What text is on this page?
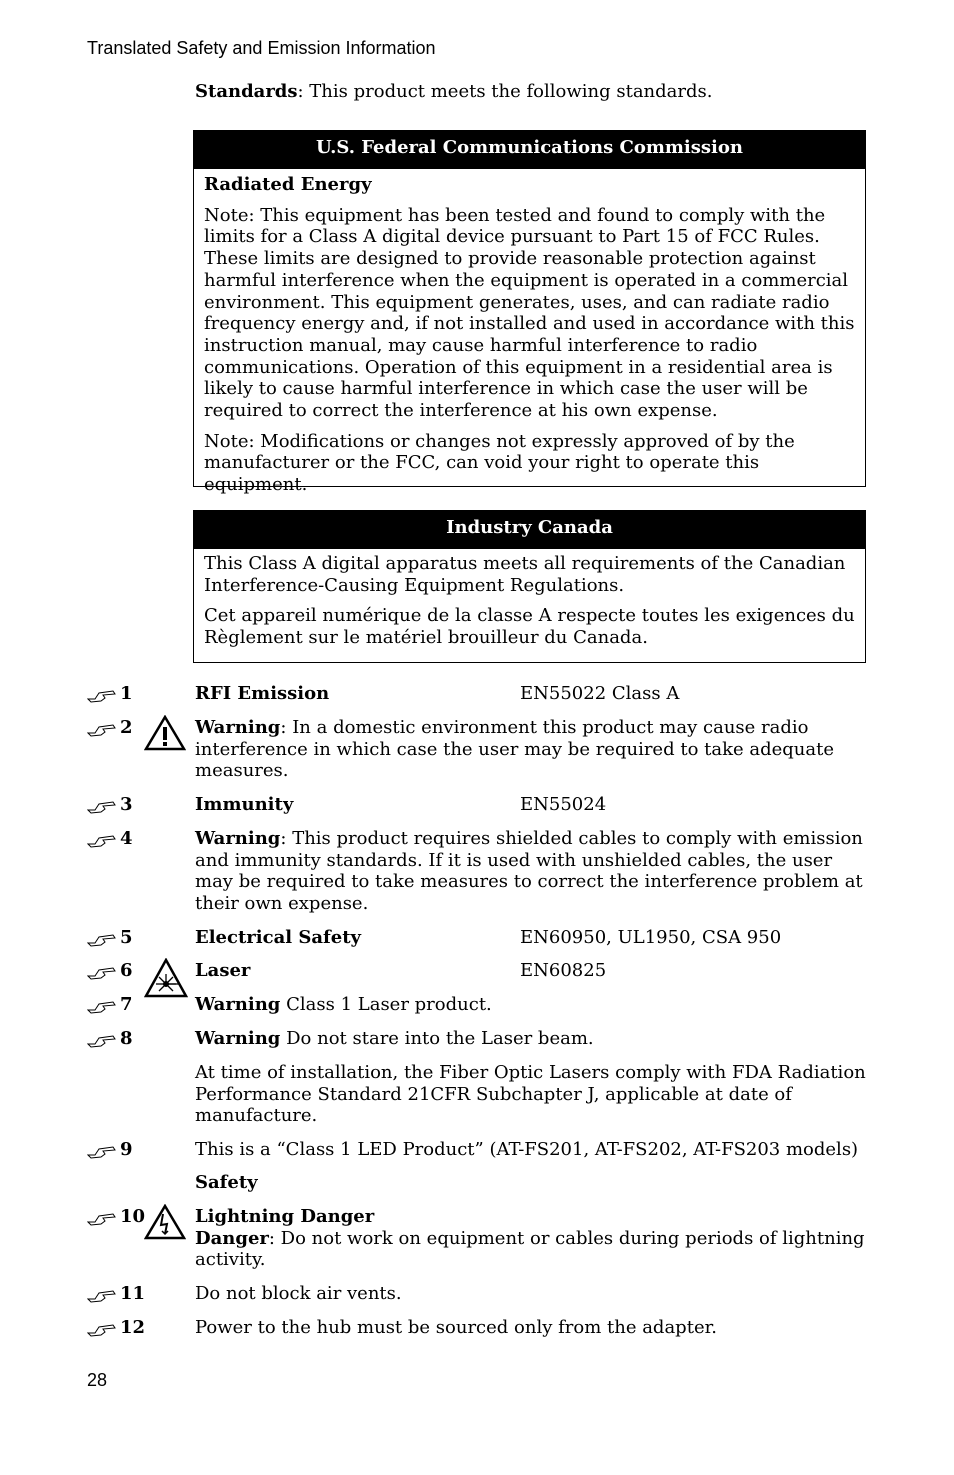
Translated Safety and Emission Information
Standards: This product meets the following standards.
U.S. Federal Communications Commission
Radiated Energy

Note: This equipment has been tested and found to comply with the limits for a Class A digital device pursuant to Part 15 of FCC Rules. These limits are designed to provide reasonable protection against harmful interference when the equipment is operated in a commercial environment. This equipment generates, uses, and can radiate radio frequency energy and, if not installed and used in accordance with this instruction manual, may cause harmful interference to radio communications. Operation of this equipment in a residential area is likely to cause harmful interference in which case the user will be required to correct the interference at his own expense.

Note: Modifications or changes not expressly approved of by the manufacturer or the FCC, can void your right to operate this equipment.

Industry Canada

This Class A digital apparatus meets all requirements of the Canadian Interference-Causing Equipment Regulations.

Cet appareil numérique de la classe A respecte toutes les exigences du Règlement sur le matériel brouilleur du Canada.

1	RFI Emission	EN55022 Class A
2	Warning: In a domestic environment this product may cause radio interference in which case the user may be required to take adequate measures.
3	Immunity	EN55024
4	Warning: This product requires shielded cables to comply with emission and immunity standards. If it is used with unshielded cables, the user may be required to take measures to correct the interference problem at their own expense.
5	Electrical Safety	EN60950, UL1950, CSA 950
6	Laser	EN60825
7	Warning Class 1 Laser product.
8	Warning Do not stare into the Laser beam.
At time of installation, the Fiber Optic Lasers comply with FDA Radiation Performance Standard 21CFR Subchapter J, applicable at date of manufacture.
9	This is a “Class 1 LED Product” (AT-FS201, AT-FS202, AT-FS203 models)
Safety
10	Lightning Danger
Danger: Do not work on equipment or cables during periods of lightning activity.
11	Do not block air vents.
12	Power to the hub must be sourced only from the adapter.
28
